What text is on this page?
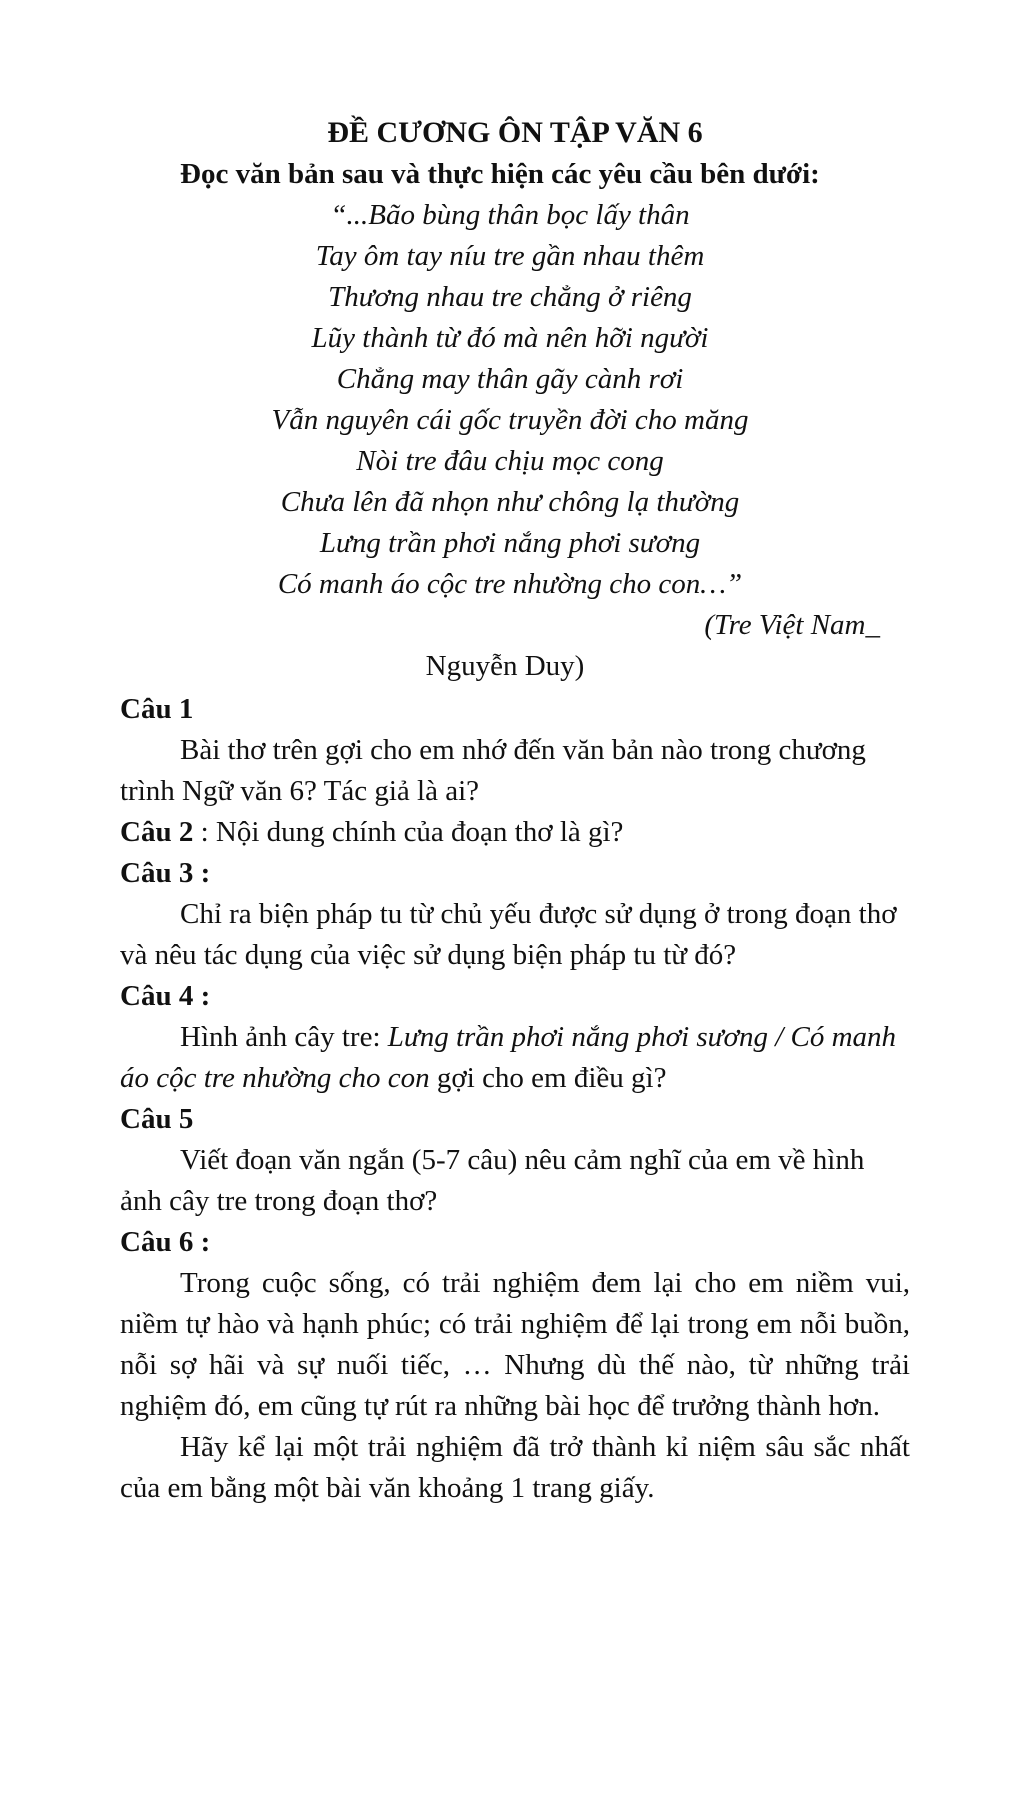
ĐỀ CƯƠNG ÔN TẬP VĂN 6

Đọc văn bản sau và thực hiện các yêu cầu bên dưới:

“...Bão bùng thân bọc lấy thân
Tay ôm tay níu tre gần nhau thêm
Thương nhau tre chẳng ở riêng
Lũy thành từ đó mà nên hỡi người
Chẳng may thân gãy cành rơi
Vẫn nguyên cái gốc truyền đời cho măng
Nòi tre đâu chịu mọc cong
Chưa lên đã nhọn như chông lạ thường
Lưng trần phơi nắng phơi sương
Có manh áo cộc tre nhường cho con…”

(Tre Việt Nam_

Nguyễn Duy)

Câu 1

Bài thơ trên gợi cho em nhớ đến văn bản nào trong chương trình Ngữ văn 6? Tác giả là ai?

Câu 2 : Nội dung chính của đoạn thơ là gì?

Câu 3 :

Chỉ ra biện pháp tu từ chủ yếu được sử dụng ở trong đoạn thơ và nêu tác dụng của việc sử dụng biện pháp tu từ đó?

Câu 4 :

Hình ảnh cây tre: Lưng trần phơi nắng phơi sương / Có manh áo cộc tre nhường cho con gợi cho em điều gì?

Câu 5

Viết đoạn văn ngắn (5-7 câu) nêu cảm nghĩ của em về hình ảnh cây tre trong đoạn thơ?

Câu 6 :

Trong cuộc sống, có trải nghiệm đem lại cho em niềm vui, niềm tự hào và hạnh phúc; có trải nghiệm để lại trong em nỗi buồn, nỗi sợ hãi và sự nuối tiếc, … Nhưng dù thế nào, từ những trải nghiệm đó, em cũng tự rút ra những bài học để trưởng thành hơn.

Hãy kể lại một trải nghiệm đã trở thành kỉ niệm sâu sắc nhất của em bằng một bài văn khoảng 1 trang giấy.
